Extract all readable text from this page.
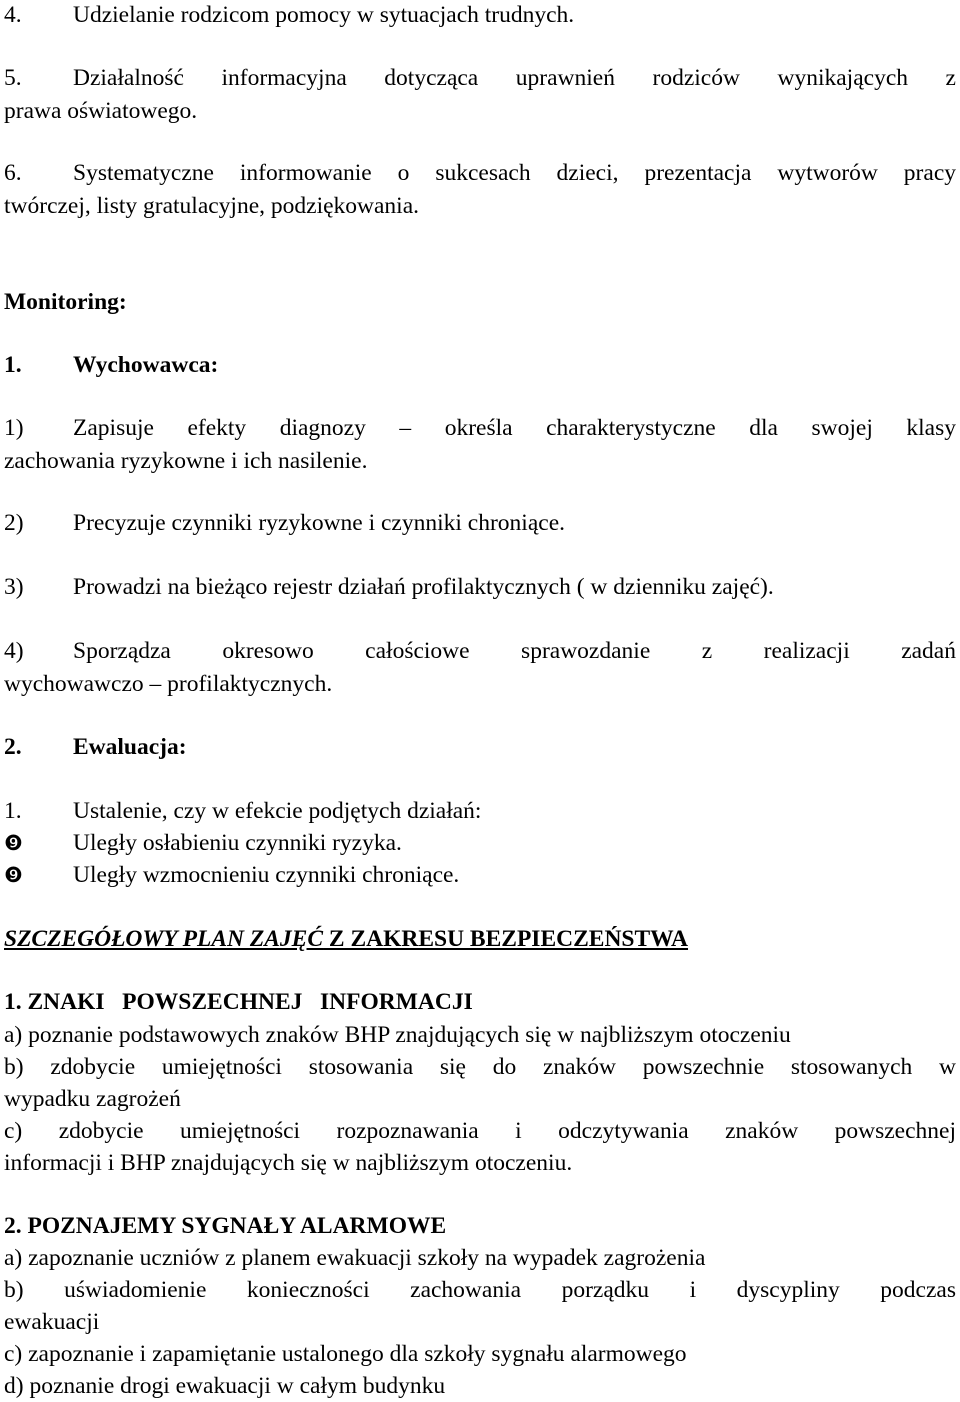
4. Udzielanie rodzicom pomocy w sytuacjach trudnych.
5. Działalność informacyjna dotycząca uprawnień rodziców wynikających z
prawa oświatowego.
6. Systematyczne informowanie o sukcesach dzieci, prezentacja wytworów pracy
twórczej, listy gratulacyjne, podziękowania.
Monitoring:
1. Wychowawca:
1) Zapisuje efekty diagnozy – określa charakterystyczne dla swojej klasy
zachowania ryzykowne i ich nasilenie.
2) Precyzuje czynniki ryzykowne i czynniki chroniące.
3) Prowadzi na bieżąco rejestr działań profilaktycznych ( w dzienniku zajęć).
4) Sporządza okresowo całościowe sprawozdanie z realizacji zadań
wychowawczo – profilaktycznych.
2. Ewaluacja:
1. Ustalenie, czy w efekcie podjętych działań:
❾ Uległy osłabieniu czynniki ryzyka.
❾ Uległy wzmocnieniu czynniki chroniące.
SZCZEGÓŁOWY PLAN ZAJĘĆ Z ZAKRESU BEZPIECZEŃSTWA
1. ZNAKI   POWSZECHNEJ   INFORMACJI
a) poznanie podstawowych znaków BHP znajdujących się w najbliższym otoczeniu
b) zdobycie umiejętności stosowania się do znaków powszechnie stosowanych w
wypadku zagrożeń
c) zdobycie umiejętności rozpoznawania i odczytywania znaków powszechnej
informacji i BHP znajdujących się w najbliższym otoczeniu.
2. POZNAJEMY SYGNAŁY ALARMOWE
a) zapoznanie uczniów z planem ewakuacji szkoły na wypadek zagrożenia
b) uświadomienie konieczności zachowania porządku i dyscypliny podczas
ewakuacji
c) zapoznanie i zapamiętanie ustalonego dla szkoły sygnału alarmowego
d) poznanie drogi ewakuacji w całym budynku
